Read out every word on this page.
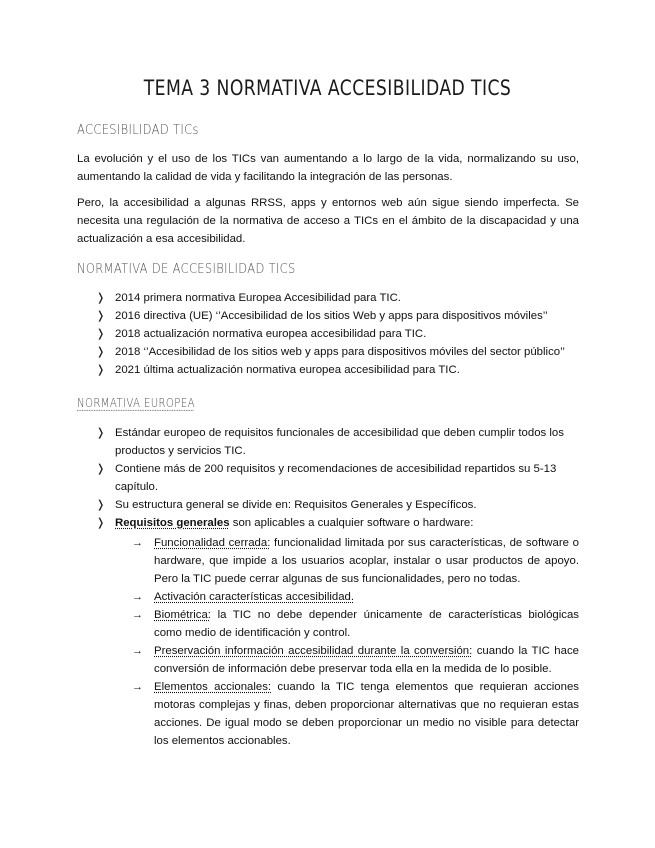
TEMA 3 NORMATIVA ACCESIBILIDAD TICS
ACCESIBILIDAD TICs
La evolución y el uso de los TICs van aumentando a lo largo de la vida, normalizando su uso, aumentando la calidad de vida y facilitando la integración de las personas.
Pero, la accesibilidad a algunas RRSS, apps y entornos web aún sigue siendo imperfecta. Se necesita una regulación de la normativa de acceso a TICs en el ámbito de la discapacidad y una actualización a esa accesibilidad.
NORMATIVA DE ACCESIBILIDAD TICS
❭ 2014 primera normativa Europea Accesibilidad para TIC.
❭ 2016 directiva (UE) ‘’Accesibilidad de los sitios Web y apps para dispositivos móviles’’
❭ 2018 actualización normativa europea accesibilidad para TIC.
❭ 2018 ‘’Accesibilidad de los sitios web y apps para dispositivos móviles del sector público’’
❭ 2021 última actualización normativa europea accesibilidad para TIC.
NORMATIVA EUROPEA
❭ Estándar europeo de requisitos funcionales de accesibilidad que deben cumplir todos los productos y servicios TIC.
❭ Contiene más de 200 requisitos y recomendaciones de accesibilidad repartidos su 5-13 capítulo.
❭ Su estructura general se divide en: Requisitos Generales y Específicos.
❭ Requisitos generales son aplicables a cualquier software o hardware:
→ Funcionalidad cerrada: funcionalidad limitada por sus características, de software o hardware, que impide a los usuarios acoplar, instalar o usar productos de apoyo. Pero la TIC puede cerrar algunas de sus funcionalidades, pero no todas.
→ Activación características accesibilidad.
→ Biométrica: la TIC no debe depender únicamente de características biológicas como medio de identificación y control.
→ Preservación información accesibilidad durante la conversión: cuando la TIC hace conversión de información debe preservar toda ella en la medida de lo posible.
→ Elementos accionales: cuando la TIC tenga elementos que requieran acciones motoras complejas y finas, deben proporcionar alternativas que no requieran estas acciones. De igual modo se deben proporcionar un medio no visible para detectar los elementos accionables.
